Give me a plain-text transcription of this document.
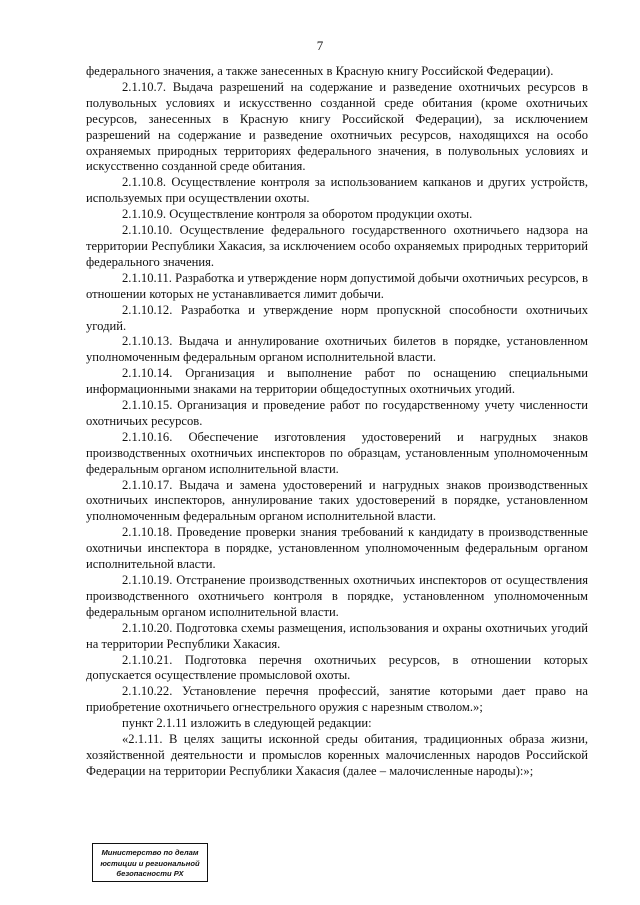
7

федерального значения, а также занесенных в Красную книгу Российской Федерации).

2.1.10.7. Выдача разрешений на содержание и разведение охотничьих ресурсов в полувольных условиях и искусственно созданной среде обитания (кроме охотничьих ресурсов, занесенных в Красную книгу Российской Федерации), за исключением разрешений на содержание и разведение охотничьих ресурсов, находящихся на особо охраняемых природных территориях федерального значения, в полувольных условиях и искусственно созданной среде обитания.

2.1.10.8. Осуществление контроля за использованием капканов и других устройств, используемых при осуществлении охоты.

2.1.10.9. Осуществление контроля за оборотом продукции охоты.

2.1.10.10. Осуществление федерального государственного охотничьего надзора на территории Республики Хакасия, за исключением особо охраняемых природных территорий федерального значения.

2.1.10.11. Разработка и утверждение норм допустимой добычи охотничьих ресурсов, в отношении которых не устанавливается лимит добычи.

2.1.10.12. Разработка и утверждение норм пропускной способности охотничьих угодий.

2.1.10.13. Выдача и аннулирование охотничьих билетов в порядке, установленном уполномоченным федеральным органом исполнительной власти.

2.1.10.14. Организация и выполнение работ по оснащению специальными информационными знаками на территории общедоступных охотничьих угодий.

2.1.10.15. Организация и проведение работ по государственному учету численности охотничьих ресурсов.

2.1.10.16. Обеспечение изготовления удостоверений и нагрудных знаков производственных охотничьих инспекторов по образцам, установленным уполномоченным федеральным органом исполнительной власти.

2.1.10.17. Выдача и замена удостоверений и нагрудных знаков производственных охотничьих инспекторов, аннулирование таких удостоверений в порядке, установленном уполномоченным федеральным органом исполнительной власти.

2.1.10.18. Проведение проверки знания требований к кандидату в производственные охотничьи инспектора в порядке, установленном уполномоченным федеральным органом исполнительной власти.

2.1.10.19. Отстранение производственных охотничьих инспекторов от осуществления производственного охотничьего контроля в порядке, установленном уполномоченным федеральным органом исполнительной власти.

2.1.10.20. Подготовка схемы размещения, использования и охраны охотничьих угодий на территории Республики Хакасия.

2.1.10.21. Подготовка перечня охотничьих ресурсов, в отношении которых допускается осуществление промысловой охоты.

2.1.10.22. Установление перечня профессий, занятие которыми дает право на приобретение охотничьего огнестрельного оружия с нарезным стволом.»;

пункт 2.1.11 изложить в следующей редакции:

«2.1.11. В целях защиты исконной среды обитания, традиционных образа жизни, хозяйственной деятельности и промыслов коренных малочисленных народов Российской Федерации на территории Республики Хакасия (далее – малочисленные народы):»;

Министерство по делам
юстиции и региональной
безопасности РХ
